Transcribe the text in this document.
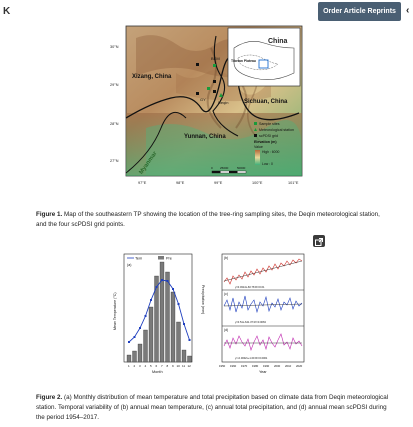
K	Order Article Reprints	‹
China
Tibetan Plateau
30°N
29°N
28°N
27°N
97°E	98°E	99°E	100°E	101°E
Xizang, China
Sichuan, China
Yunnan, China
Myanmar
BEM
GY
Deqin
Sample sites
Meteorological station
scPDSI grid
Elevation (m)
Value
High : 6000
Low : 0
0 25000	50000
Figure 1. Map of the southeastern TP showing the location of the tree-ring sampling sites, the Deqin meteorological station, and the four scPDSI grid points.
Tem	Pre
(a)
Mean Temperature (°C)	Precipitation (mm)
1 2 3 4 5 6 7 8 9 10 11 12
Month
(b)
y=0.0314x-60.78 R²=0.61
(c)
y=0.51x-641.37 R²=0.0063
(d)
y=-0.0002x+1.09 R²=0.0001
1950 1960 1970 1980 1990 2000 2010 2020
Year
Figure 2. (a) Monthly distribution of mean temperature and total precipitation based on climate data from Deqin meteorological station. Temporal variability of (b) annual mean temperature, (c) annual total precipitation, and (d) annual mean scPDSI during the period 1954–2017.
